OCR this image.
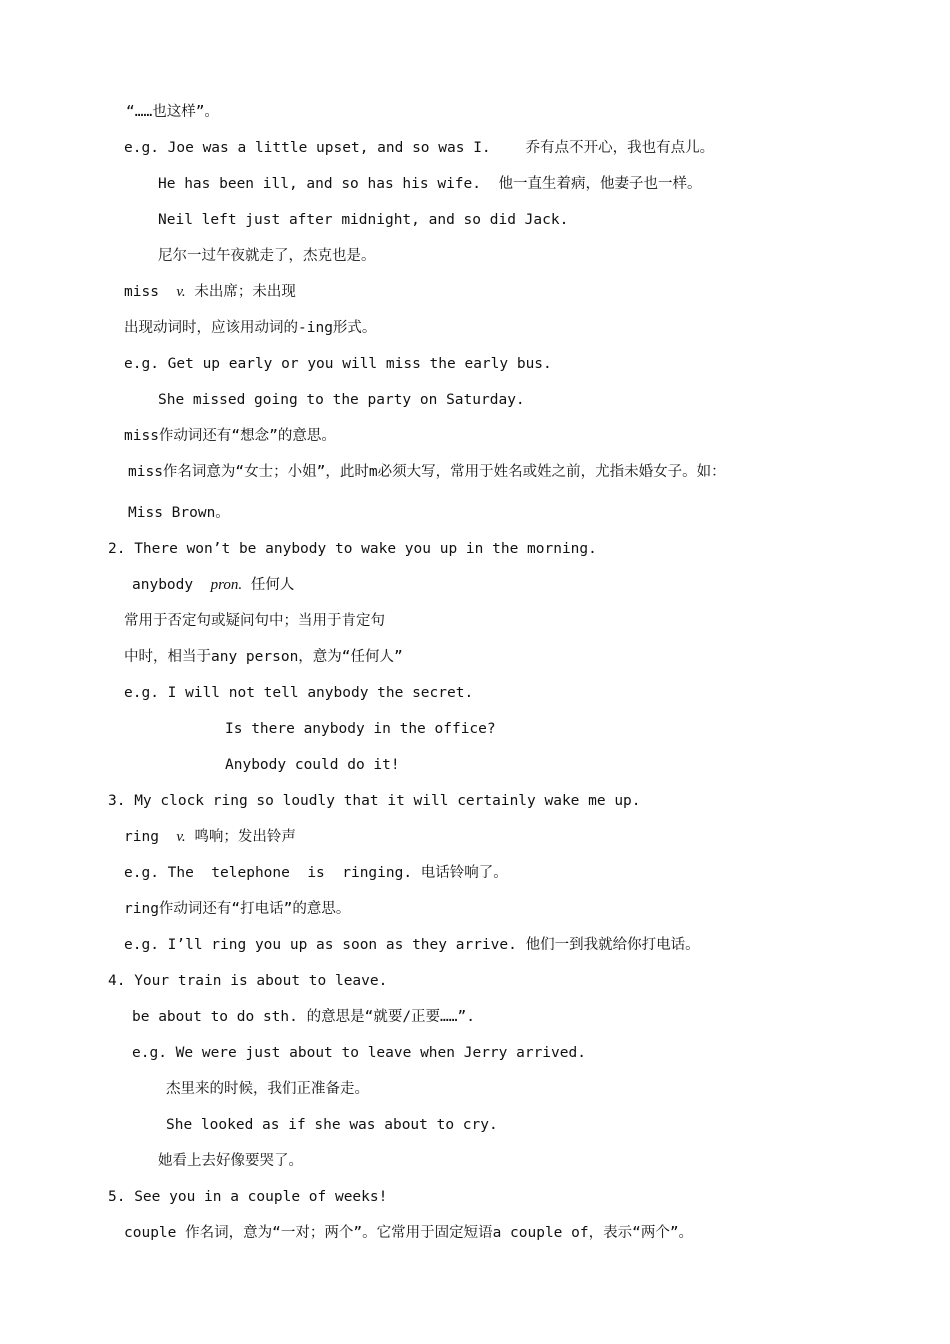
“……也这样”。
e.g. Joe was a little upset, and so was I.    乔有点不开心，我也有点儿。
He has been ill, and so has his wife.  他一直生着病，他妻子也一样。
Neil left just after midnight, and so did Jack.
尼尔一过午夜就走了，杰克也是。
miss  v. 未出席；未出现
出现动词时，应该用动词的-ing形式。
e.g. Get up early or you will miss the early bus.
She missed going to the party on Saturday.
miss作动词还有“想念”的意思。
miss作名词意为“女士；小姐”，此时m必须大写，常用于姓名或姓之前，尤指未婚女子。如：
Miss Brown。
2. There won’t be anybody to wake you up in the morning.
anybody  pron. 任何人
常用于否定句或疑问句中；当用于肯定句
中时，相当于any person，意为“任何人”
e.g. I will not tell anybody the secret.
Is there anybody in the office?
Anybody could do it!
3. My clock ring so loudly that it will certainly wake me up.
ring  v. 鸣响；发出铃声
e.g. The  telephone  is  ringing. 电话铃响了。
ring作动词还有“打电话”的意思。
e.g. I’ll ring you up as soon as they arrive. 他们一到我就给你打电话。
4. Your train is about to leave.
be about to do sth. 的意思是“就要/正要……”.
e.g. We were just about to leave when Jerry arrived.
杰里来的时候，我们正准备走。
She looked as if she was about to cry.
她看上去好像要哭了。
5. See you in a couple of weeks!
couple 作名词，意为“一对；两个”。它常用于固定短语a couple of，表示“两个”。
